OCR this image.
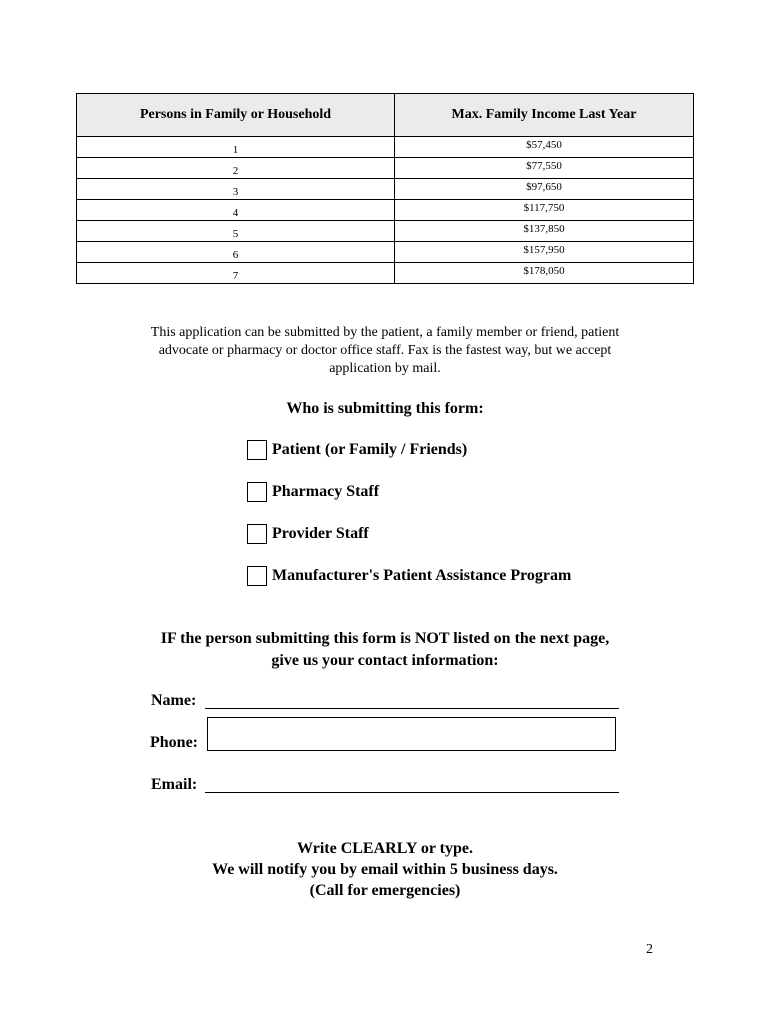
Persons in Family or Household	Max. Family Income Last Year
1	$57,450
2	$77,550
3	$97,650
4	$117,750
5	$137,850
6	$157,950
7	$178,050
This application can be submitted by the patient, a family member or friend, patient
advocate or pharmacy or doctor office staff. Fax is the fastest way, but we accept
application by mail.
Who is submitting this form:
Patient (or Family / Friends)
Pharmacy Staff
Provider Staff
Manufacturer's Patient Assistance Program
IF the person submitting this form is NOT listed on the next page,
give us your contact information:
Name:
Phone:
Email:
Write CLEARLY or type.
We will notify you by email within 5 business days.
(Call for emergencies)
2
